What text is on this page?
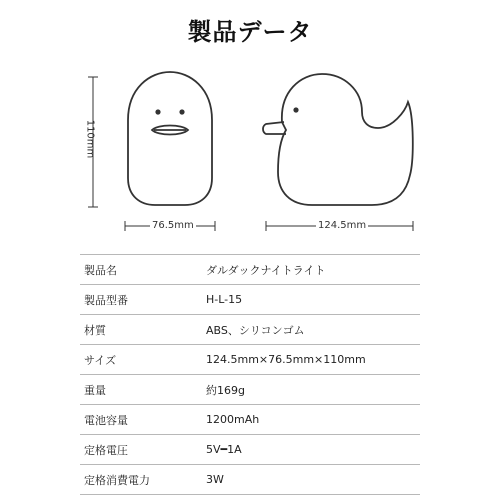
製品データ
110mm
76.5mm	124.5mm
製品名	ダルダックナイトライト
製品型番	H-L-15
材質	ABS、シリコンゴム
サイズ	124.5mm×76.5mm×110mm
重量	約169g
電池容量	1200mAh
定格電圧	5V━1A
定格消費電力	3W
